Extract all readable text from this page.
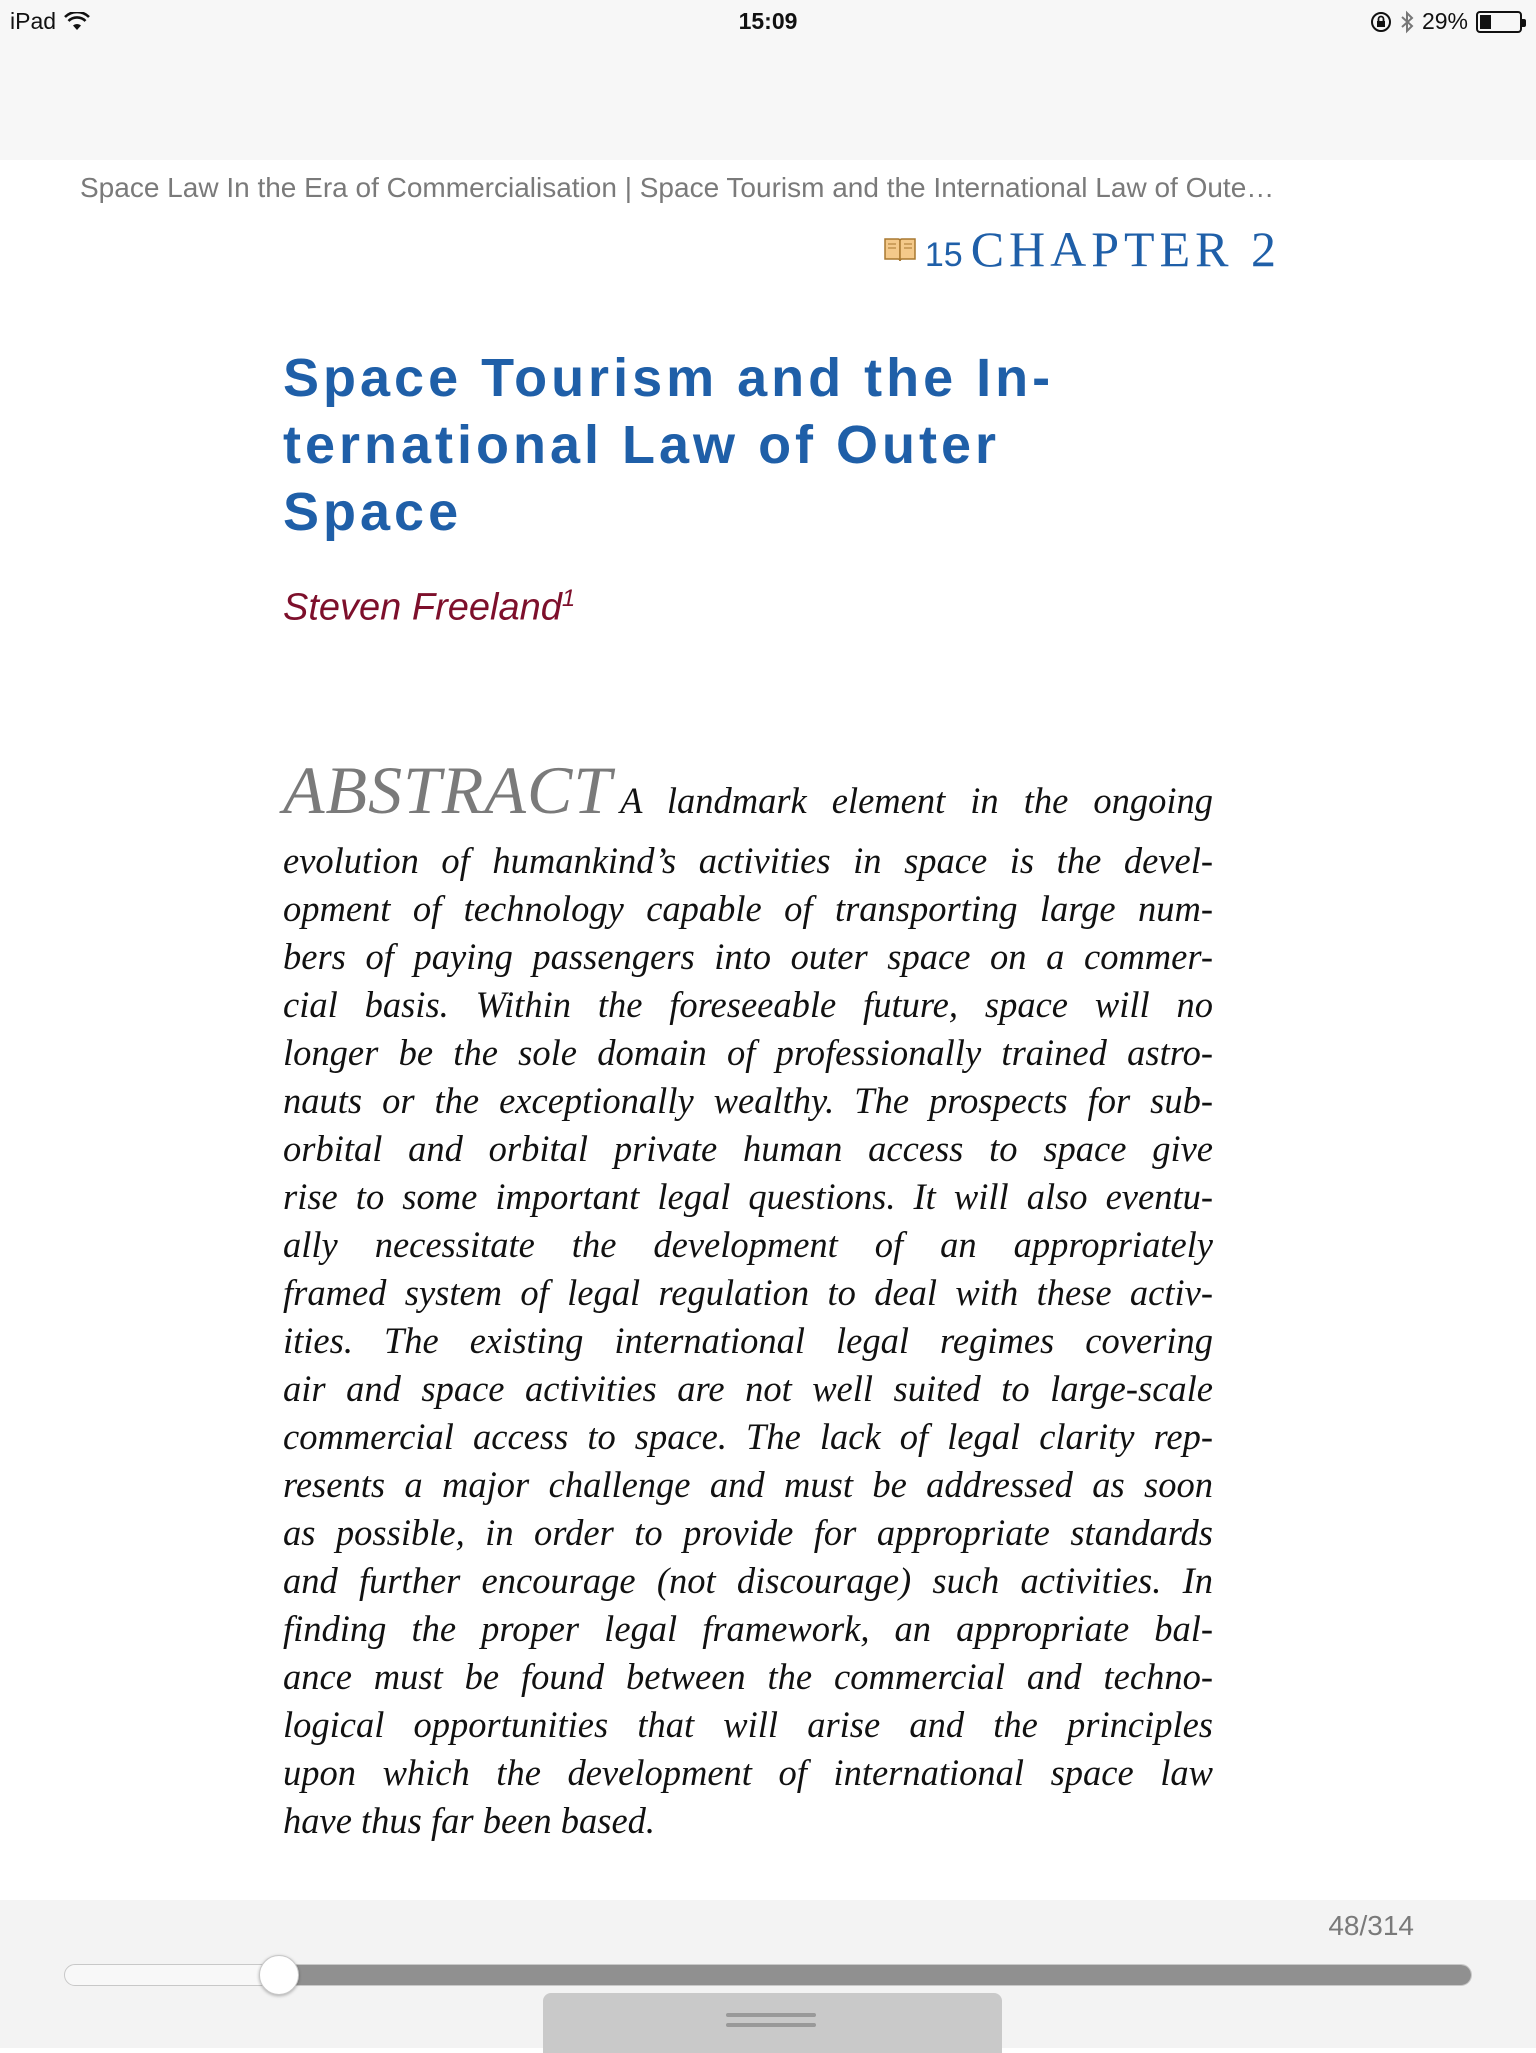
iPad	15:09	29%
Space Law In the Era of Commercialisation | Space Tourism and the International Law of Oute…
15 CHAPTER 2
Space Tourism and the In-
ternational Law of Outer
Space
Steven Freeland$^1$
ABSTRACT A landmark element in the ongoing
evolution of humankind’s activities in space is the devel-
opment of technology capable of transporting large num-
bers of paying passengers into outer space on a commer-
cial basis. Within the foreseeable future, space will no
longer be the sole domain of professionally trained astro-
nauts or the exceptionally wealthy. The prospects for sub-
orbital and orbital private human access to space give
rise to some important legal questions. It will also eventu-
ally necessitate the development of an appropriately
framed system of legal regulation to deal with these activ-
ities. The existing international legal regimes covering
air and space activities are not well suited to large-scale
commercial access to space. The lack of legal clarity rep-
resents a major challenge and must be addressed as soon
as possible, in order to provide for appropriate standards
and further encourage (not discourage) such activities. In
finding the proper legal framework, an appropriate bal-
ance must be found between the commercial and techno-
logical opportunities that will arise and the principles
upon which the development of international space law
have thus far been based.
48/314
